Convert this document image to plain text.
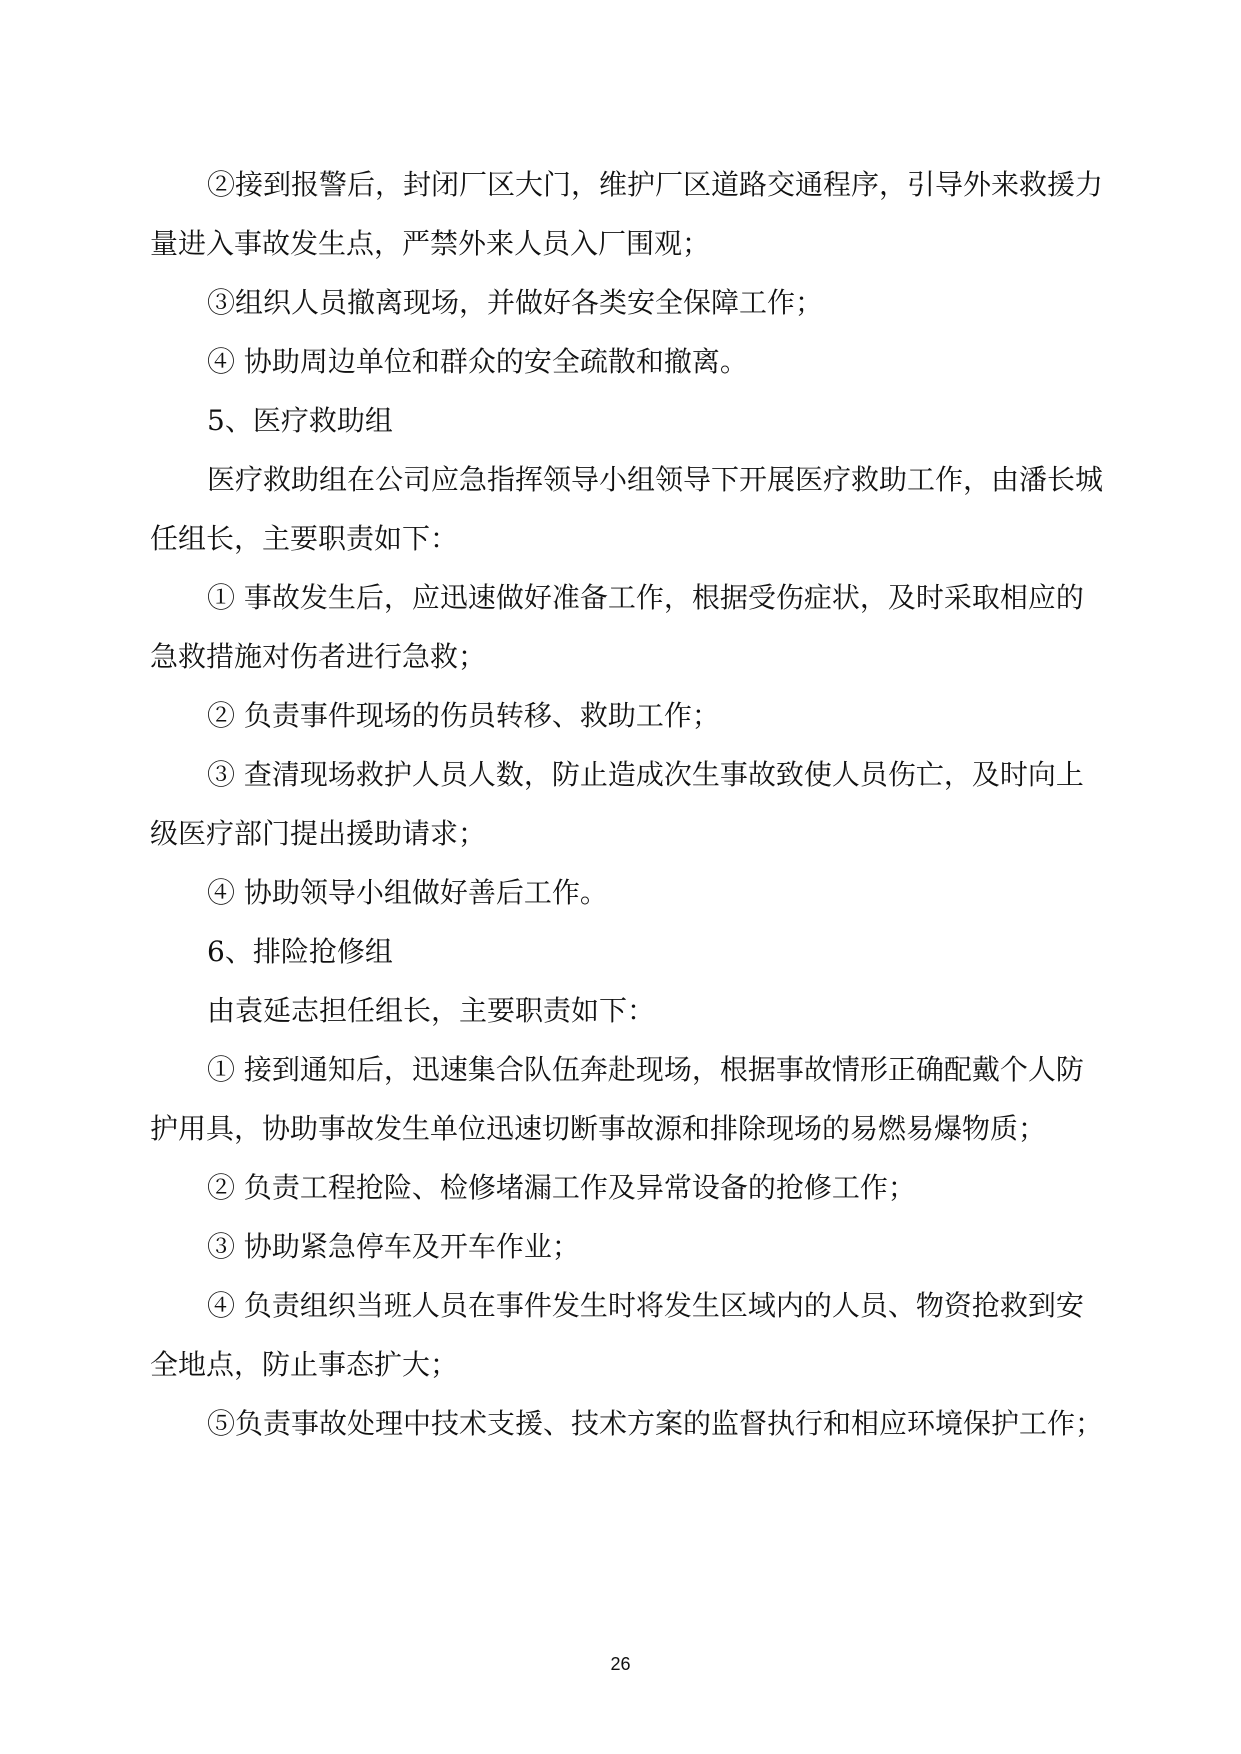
②接到报警后，封闭厂区大门，维护厂区道路交通程序，引导外来救援力

量进入事故发生点，严禁外来人员入厂围观；

③组织人员撤离现场，并做好各类安全保障工作；

④ 协助周边单位和群众的安全疏散和撤离。

5、医疗救助组

医疗救助组在公司应急指挥领导小组领导下开展医疗救助工作，由潘长城

任组长，主要职责如下：

① 事故发生后，应迅速做好准备工作，根据受伤症状，及时采取相应的

急救措施对伤者进行急救；

② 负责事件现场的伤员转移、救助工作；

③ 查清现场救护人员人数，防止造成次生事故致使人员伤亡，及时向上

级医疗部门提出援助请求；

④ 协助领导小组做好善后工作。

6、排险抢修组

由袁延志担任组长，主要职责如下：

① 接到通知后，迅速集合队伍奔赴现场，根据事故情形正确配戴个人防

护用具，协助事故发生单位迅速切断事故源和排除现场的易燃易爆物质；

② 负责工程抢险、检修堵漏工作及异常设备的抢修工作；

③ 协助紧急停车及开车作业；

④ 负责组织当班人员在事件发生时将发生区域内的人员、物资抢救到安

全地点，防止事态扩大；

⑤负责事故处理中技术支援、技术方案的监督执行和相应环境保护工作；

26
